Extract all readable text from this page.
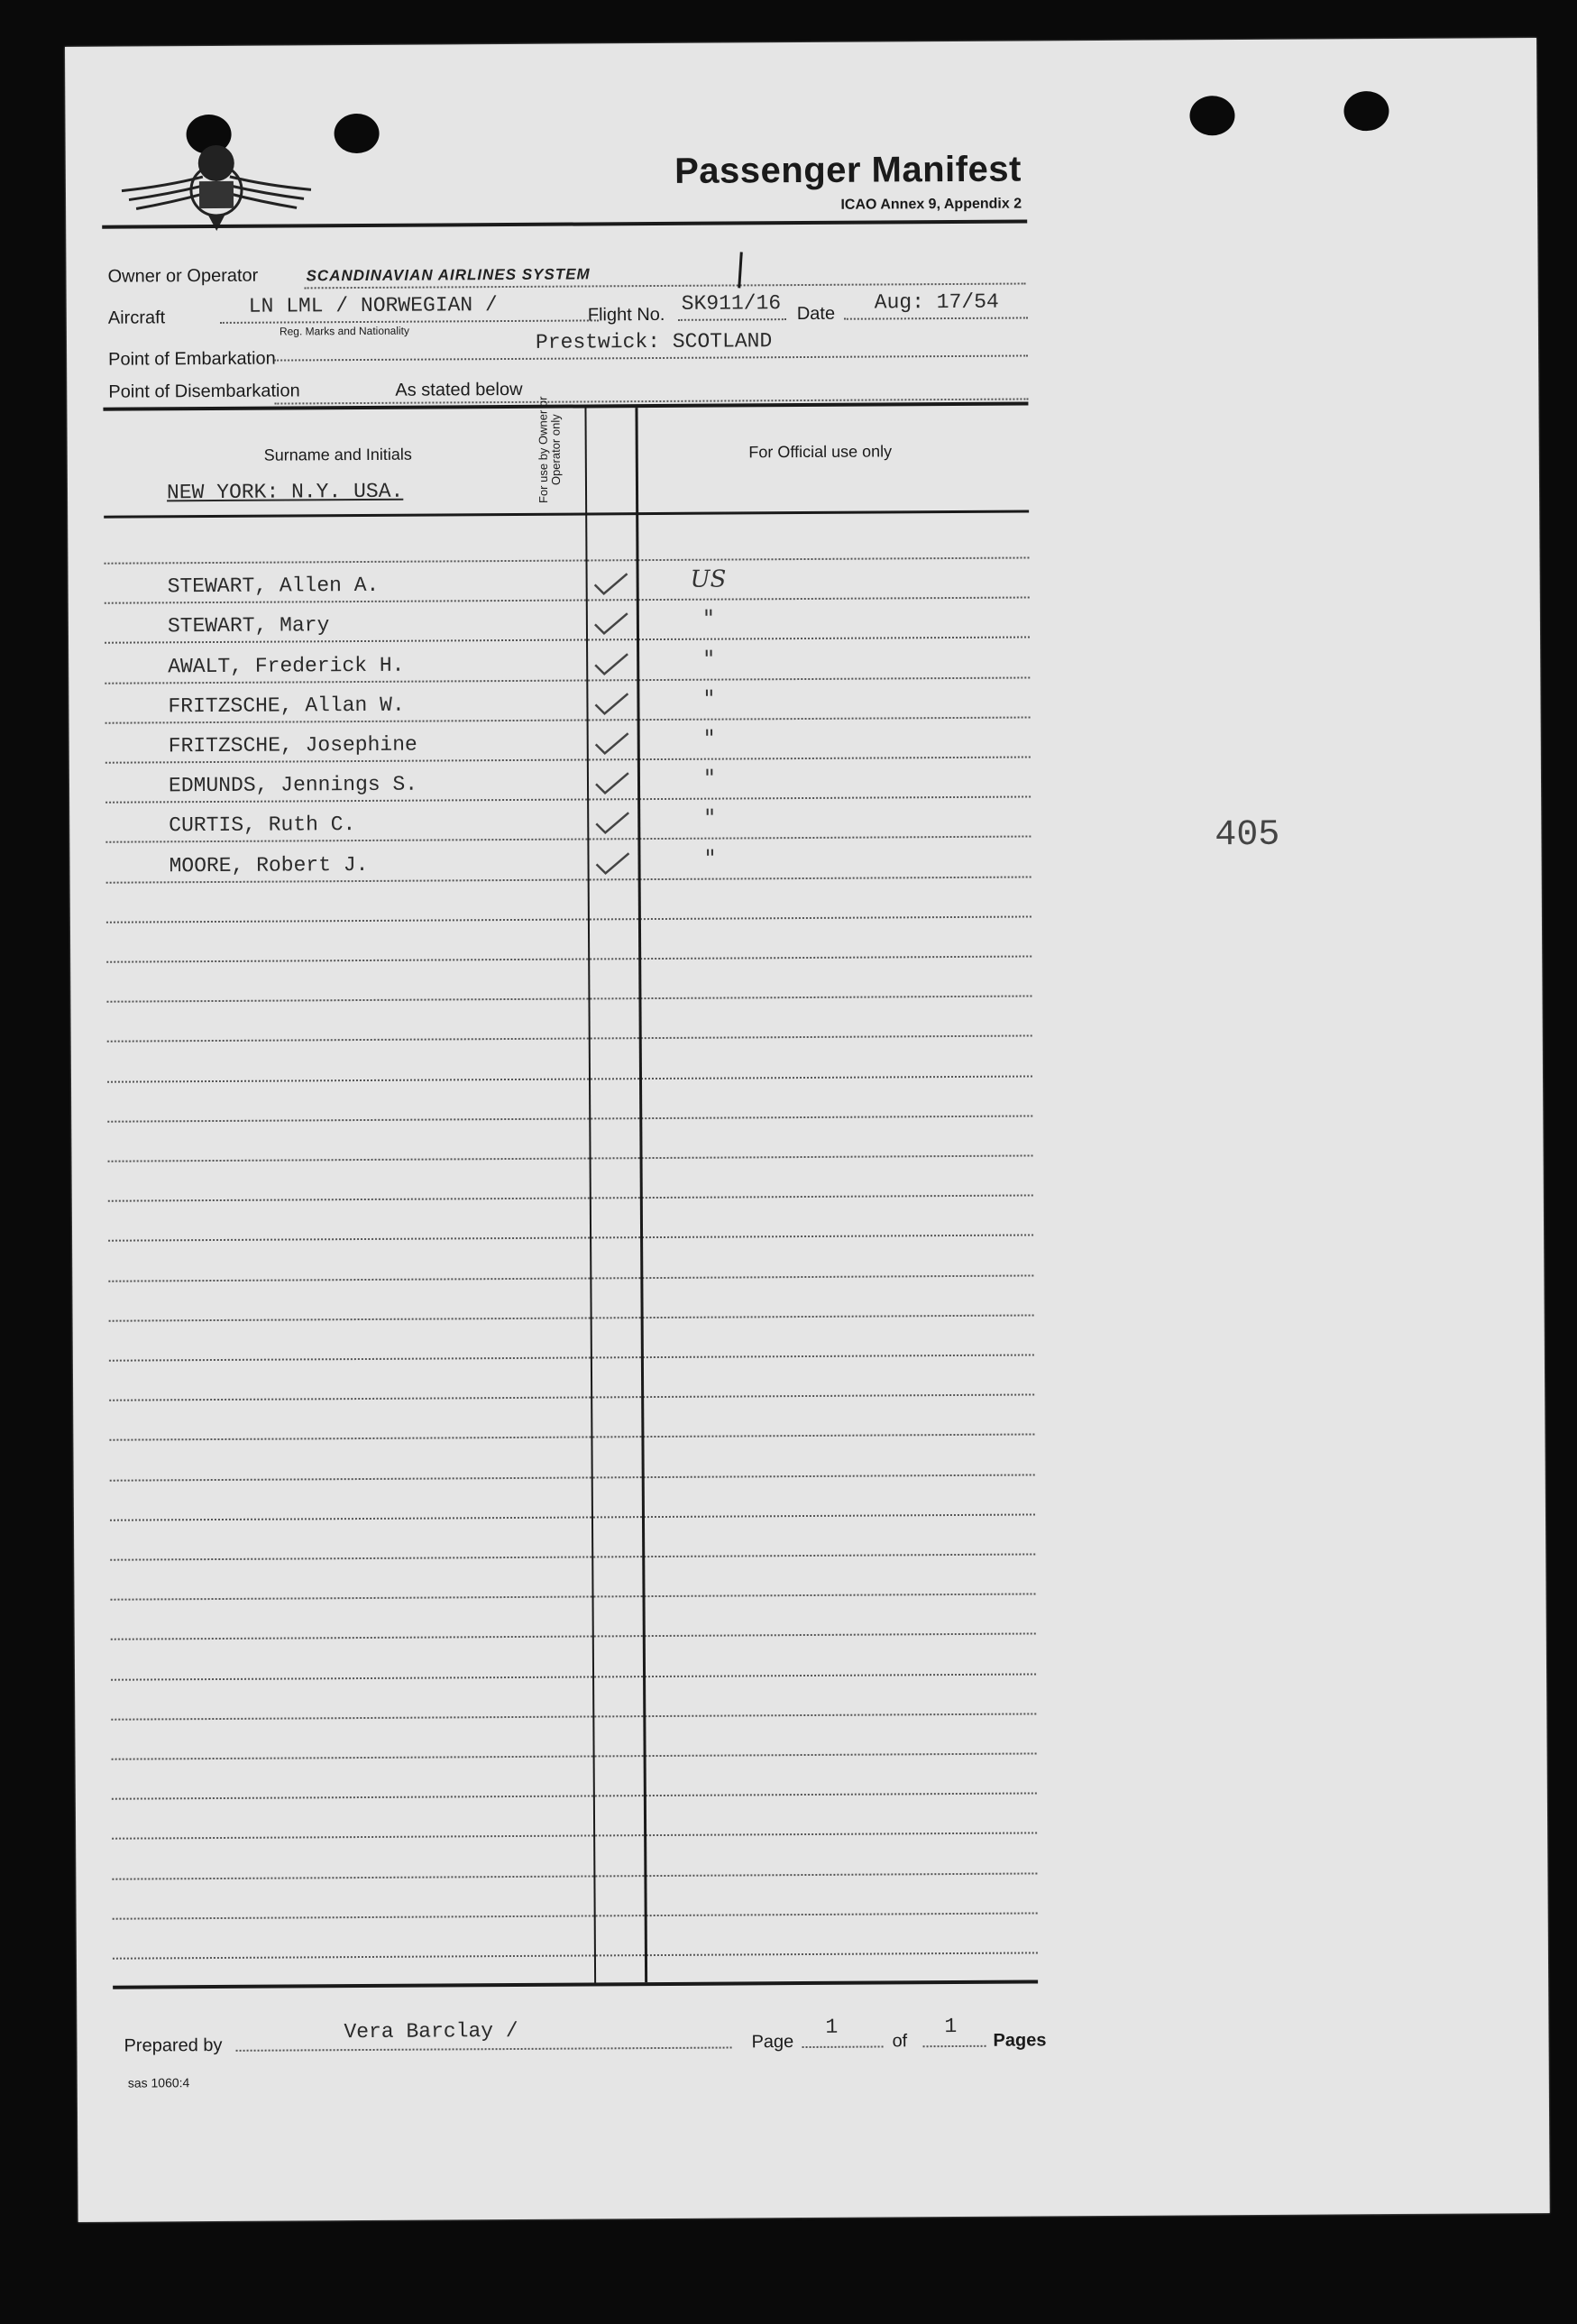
Passenger Manifest
ICAO Annex 9, Appendix 2
Owner or Operator	SCANDINAVIAN AIRLINES SYSTEM
Aircraft	LN LML / NORWEGIAN /
Reg. Marks and Nationality
Flight No. SK911/16 Date Aug: 17/54
Point of Embarkation
Prestwick: SCOTLAND
Point of Disembarkation	As stated below
Surname and Initials	For use by Owner or Operator only	For Official use only
NEW YORK: N.Y. USA.
STEWART, Allen A.	US
STEWART, Mary	"
AWALT, Frederick H.	"
FRITZSCHE, Allan W.	"
FRITZSCHE, Josephine	"
EDMUNDS, Jennings S.	"
CURTIS, Ruth C.	"
MOORE, Robert J.	"
405
Prepared by
Vera Barclay /	Page
1
of
1
Pages
sas 1060:4
